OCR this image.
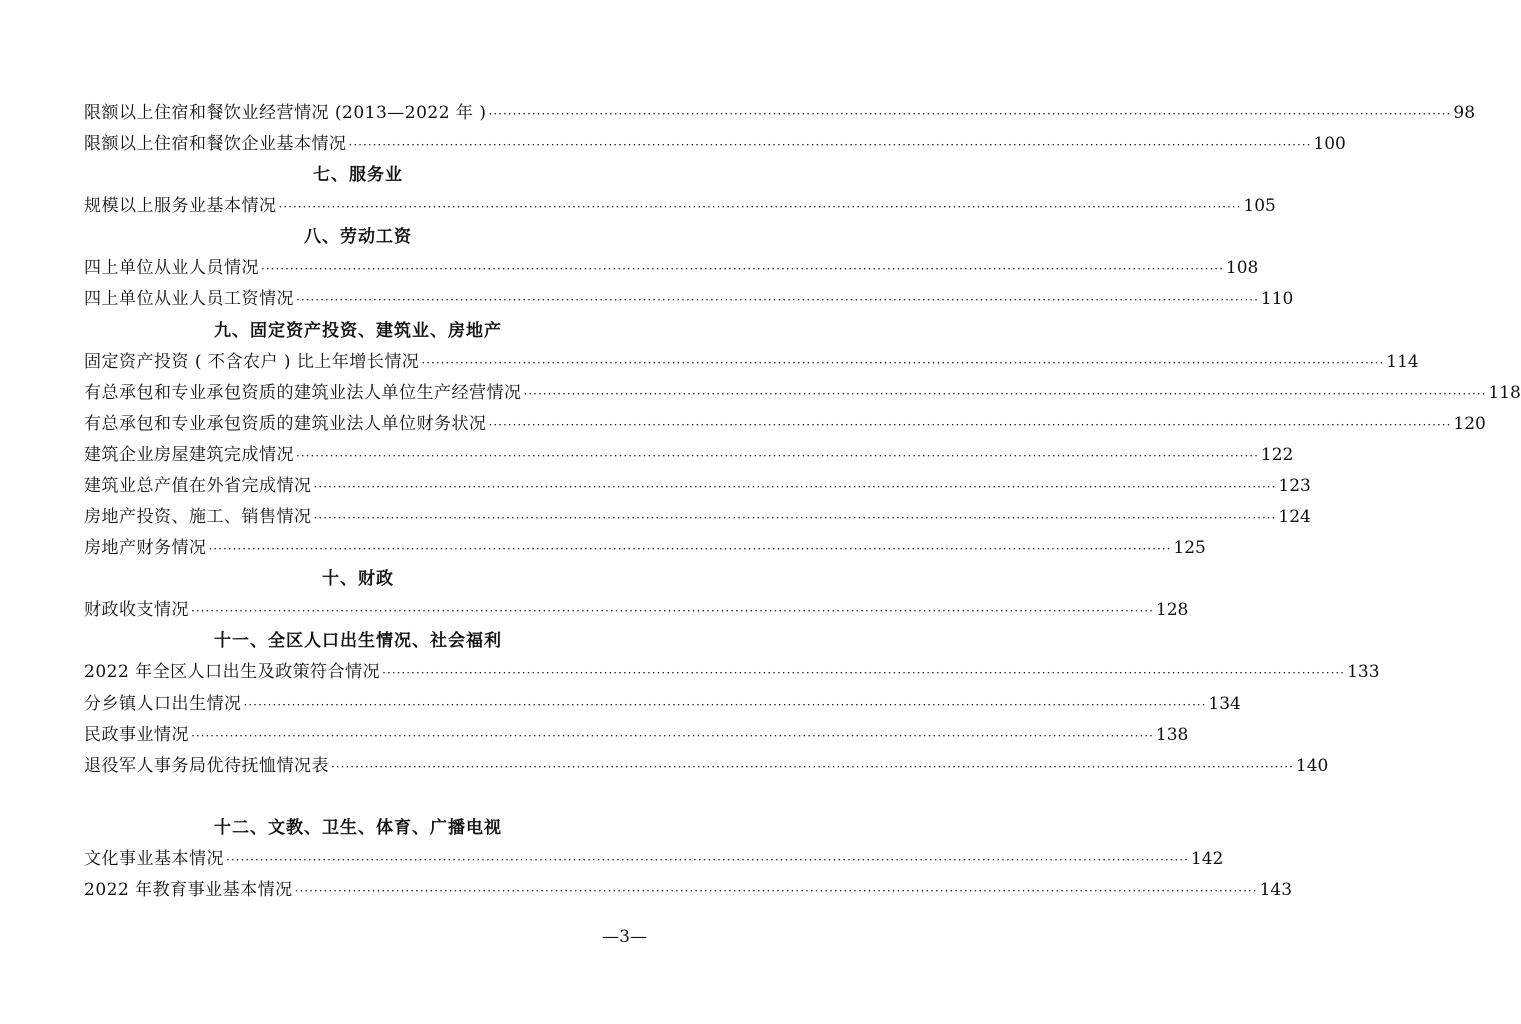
限额以上住宿和餐饮业经营情况 (2013—2022 年 ) ········································································································································································································ 98
限额以上住宿和餐饮企业基本情况 ········································································································································································································ 100
七、服务业
规模以上服务业基本情况 ········································································································································································································ 105
八、劳动工资
四上单位从业人员情况 ········································································································································································································ 108
四上单位从业人员工资情况 ········································································································································································································ 110
九、固定资产投资、建筑业、房地产
固定资产投资 ( 不含农户 ) 比上年增长情况 ········································································································································································································ 114
有总承包和专业承包资质的建筑业法人单位生产经营情况 ········································································································································································································ 118
有总承包和专业承包资质的建筑业法人单位财务状况 ········································································································································································································ 120
建筑企业房屋建筑完成情况 ········································································································································································································ 122
建筑业总产值在外省完成情况 ········································································································································································································ 123
房地产投资、施工、销售情况 ········································································································································································································ 124
房地产财务情况 ········································································································································································································ 125
十、财政
财政收支情况 ········································································································································································································ 128
十一、全区人口出生情况、社会福利
2022 年全区人口出生及政策符合情况 ········································································································································································································ 133
分乡镇人口出生情况 ········································································································································································································ 134
民政事业情况 ········································································································································································································ 138
退役军人事务局优待抚恤情况表 ········································································································································································································ 140
十二、文教、卫生、体育、广播电视
文化事业基本情况 ········································································································································································································ 142
2022 年教育事业基本情况 ········································································································································································································ 143
—3—
